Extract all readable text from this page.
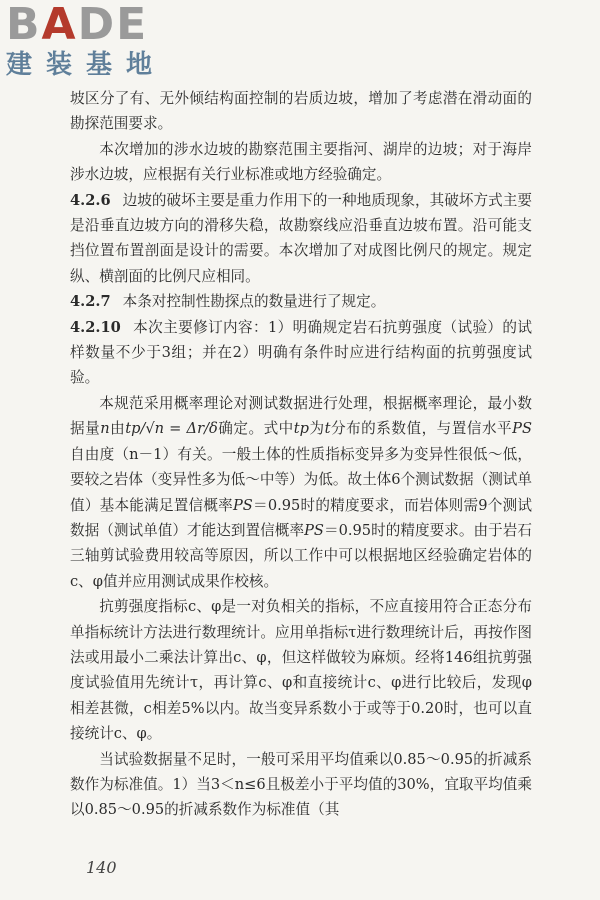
BADE
建装基地

坡区分了有、无外倾结构面控制的岩质边坡，增加了考虑潜在滑动面的勘探范围要求。

本次增加的涉水边坡的勘察范围主要指河、湖岸的边坡；对于海岸涉水边坡，应根据有关行业标准或地方经验确定。

4.2.6 边坡的破坏主要是重力作用下的一种地质现象，其破坏方式主要是沿垂直边坡方向的滑移失稳，故勘察线应沿垂直边坡布置。沿可能支挡位置布置剖面是设计的需要。本次增加了对成图比例尺的规定。规定纵、横剖面的比例尺应相同。

4.2.7 本条对控制性勘探点的数量进行了规定。

4.2.10 本次主要修订内容：1）明确规定岩石抗剪强度（试验）的试样数量不少于3组；并在2）明确有条件时应进行结构面的抗剪强度试验。

本规范采用概率理论对测试数据进行处理，根据概率理论，最小数据量n由tp/√n = Δr/δ确定。式中tp为t分布的系数值，与置信水平PS自由度（n－1）有关。一般土体的性质指标变异多为变异性很低～低，要较之岩体（变异性多为低～中等）为低。故土体6个测试数据（测试单值）基本能满足置信概率PS＝0.95时的精度要求，而岩体则需9个测试数据（测试单值）才能达到置信概率PS＝0.95时的精度要求。由于岩石三轴剪试验费用较高等原因，所以工作中可以根据地区经验确定岩体的c、φ值并应用测试成果作校核。

抗剪强度指标c、φ是一对负相关的指标，不应直接用符合正态分布单指标统计方法进行数理统计。应用单指标τ进行数理统计后，再按作图法或用最小二乘法计算出c、φ，但这样做较为麻烦。经将146组抗剪强度试验值用先统计τ，再计算c、φ和直接统计c、φ进行比较后，发现φ相差甚微，c相差5%以内。故当变异系数小于或等于0.20时，也可以直接统计c、φ。

当试验数据量不足时，一般可采用平均值乘以0.85～0.95的折减系数作为标准值。1）当3＜n≤6且极差小于平均值的30%，宜取平均值乘以0.85～0.95的折减系数作为标准值（其

140
